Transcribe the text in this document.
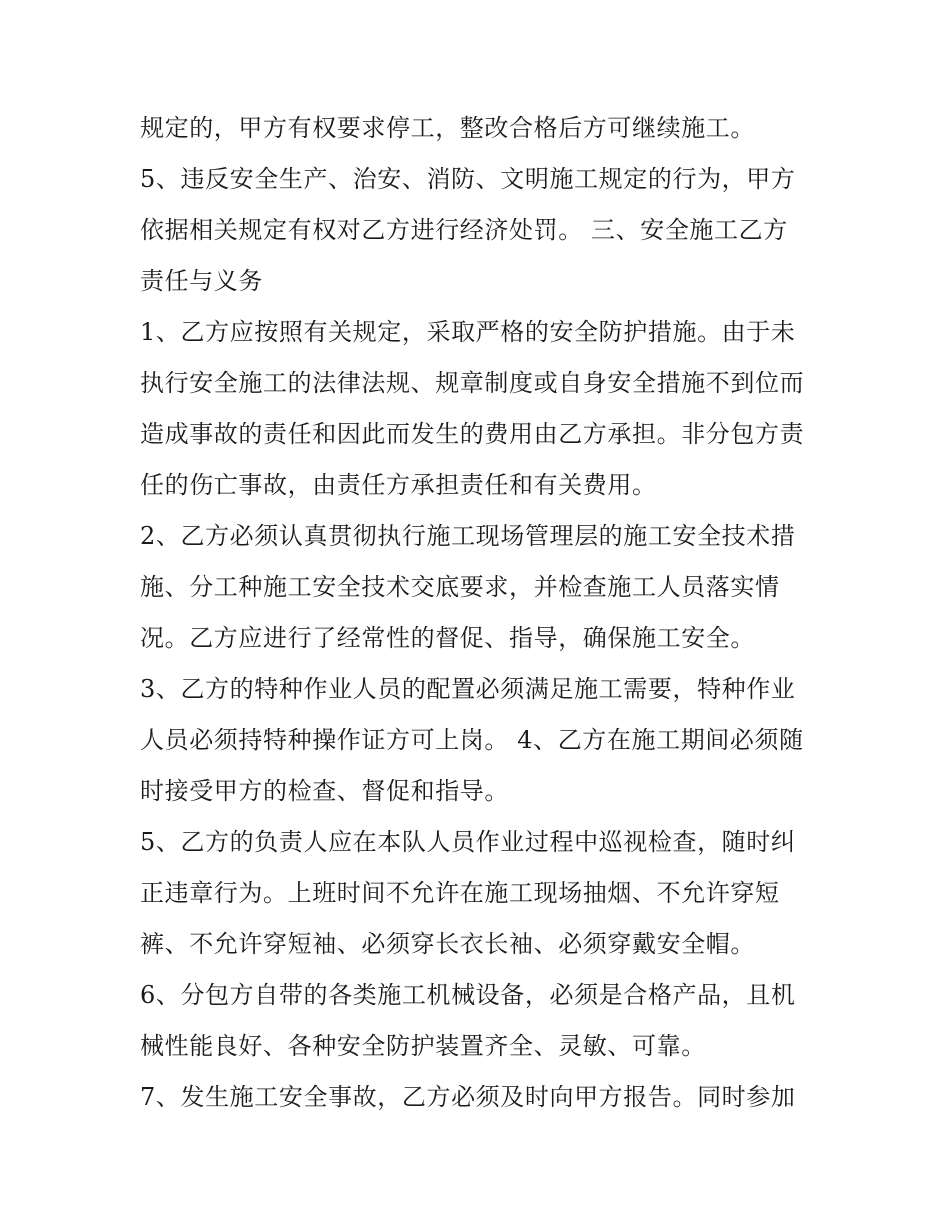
规定的，甲方有权要求停工，整改合格后方可继续施工。
5、违反安全生产、治安、消防、文明施工规定的行为，甲方
依据相关规定有权对乙方进行经济处罚。 三、安全施工乙方
责任与义务
1、乙方应按照有关规定，采取严格的安全防护措施。由于未
执行安全施工的法律法规、规章制度或自身安全措施不到位而
造成事故的责任和因此而发生的费用由乙方承担。非分包方责
任的伤亡事故，由责任方承担责任和有关费用。
2、乙方必须认真贯彻执行施工现场管理层的施工安全技术措
施、分工种施工安全技术交底要求，并检查施工人员落实情
况。乙方应进行了经常性的督促、指导，确保施工安全。
3、乙方的特种作业人员的配置必须满足施工需要，特种作业
人员必须持特种操作证方可上岗。 4、乙方在施工期间必须随
时接受甲方的检查、督促和指导。
5、乙方的负责人应在本队人员作业过程中巡视检查，随时纠
正违章行为。上班时间不允许在施工现场抽烟、不允许穿短
裤、不允许穿短袖、必须穿长衣长袖、必须穿戴安全帽。
6、分包方自带的各类施工机械设备，必须是合格产品，且机
械性能良好、各种安全防护装置齐全、灵敏、可靠。
7、发生施工安全事故，乙方必须及时向甲方报告。同时参加
